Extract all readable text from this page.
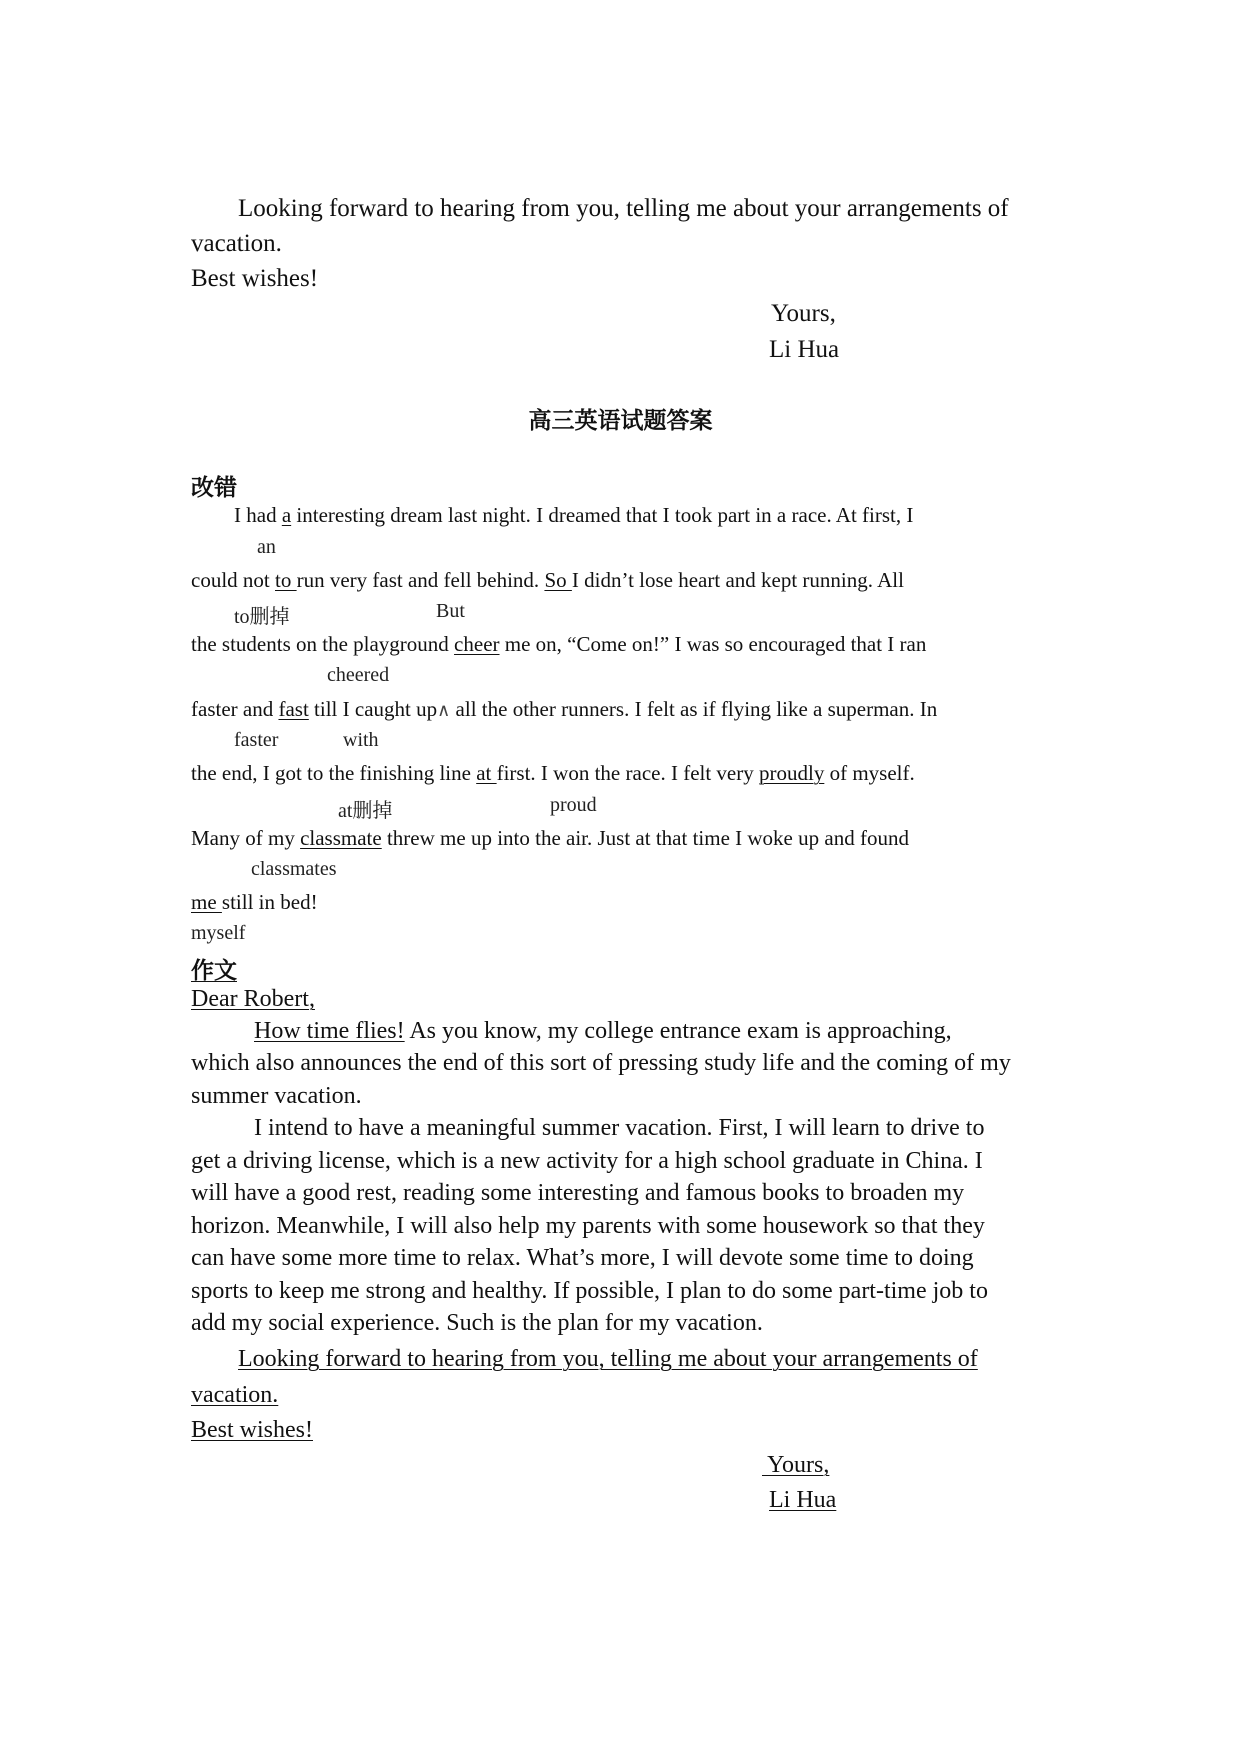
Looking forward to hearing from you, telling me about your arrangements of
vacation.
Best wishes!
Yours,
Li Hua
高三英语试题答案
改错
I had a interesting dream last night. I dreamed that I took part in a race. At first, I
an
could not to run very fast and fell behind. So I didn’t lose heart and kept running. All
to删掉	But
the students on the playground cheer me on, “Come on!” I was so encouraged that I ran
cheered
faster and fast till I caught up∧ all the other runners. I felt as if flying like a superman. In
faster	with
the end, I got to the finishing line at first. I won the race. I felt very proudly of myself.
at删掉	proud
Many of my classmate threw me up into the air. Just at that time I woke up and found
classmates
me still in bed!
myself
作文
Dear Robert,
How time flies! As you know, my college entrance exam is approaching,
which also announces the end of this sort of pressing study life and the coming of my
summer vacation.
I intend to have a meaningful summer vacation. First, I will learn to drive to
get a driving license, which is a new activity for a high school graduate in China. I
will have a good rest, reading some interesting and famous books to broaden my
horizon. Meanwhile, I will also help my parents with some housework so that they
can have some more time to relax. What’s more, I will devote some time to doing
sports to keep me strong and healthy. If possible, I plan to do some part-time job to
add my social experience. Such is the plan for my vacation.
Looking forward to hearing from you, telling me about your arrangements of
vacation.
Best wishes!
Yours,
Li Hua
